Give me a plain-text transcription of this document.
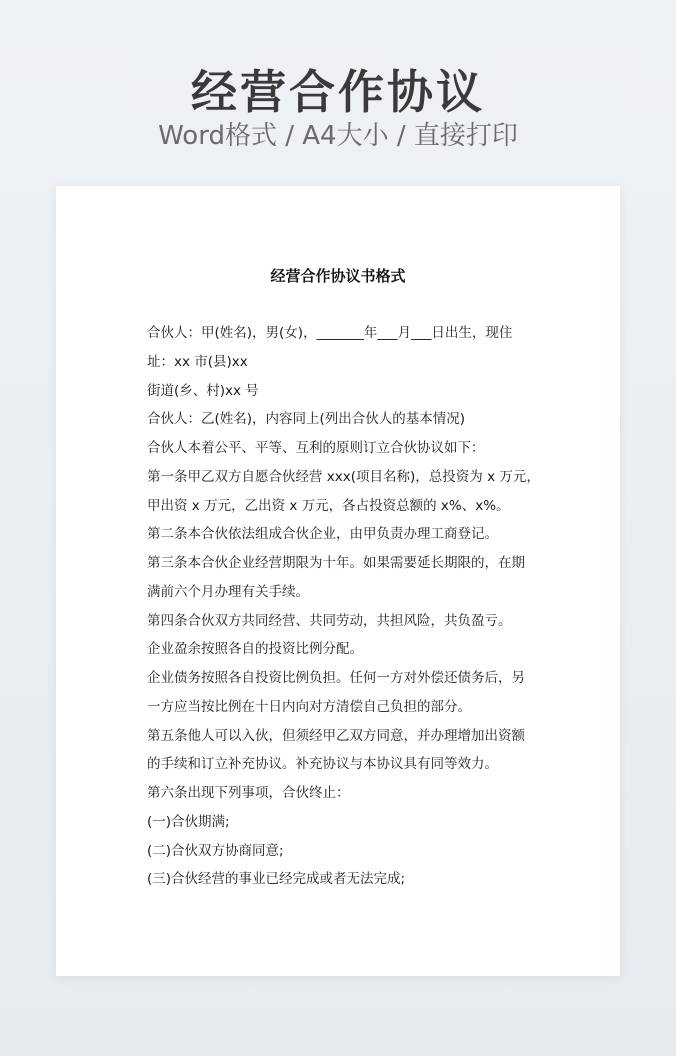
经营合作协议
Word格式 / A4大小 / 直接打印
经营合作协议书格式
合伙人：甲(姓名)，男(女)，_______年___月___日出生，现住
址：xx 市(县)xx
街道(乡、村)xx 号
合伙人：乙(姓名)，内容同上(列出合伙人的基本情况)
合伙人本着公平、平等、互利的原则订立合伙协议如下：
第一条甲乙双方自愿合伙经营 xxx(项目名称)，总投资为 x 万元，
甲出资 x 万元，乙出资 x 万元，各占投资总额的 x%、x%。
第二条本合伙依法组成合伙企业，由甲负责办理工商登记。
第三条本合伙企业经营期限为十年。如果需要延长期限的，在期
满前六个月办理有关手续。
第四条合伙双方共同经营、共同劳动，共担风险，共负盈亏。
企业盈余按照各自的投资比例分配。
企业债务按照各自投资比例负担。任何一方对外偿还债务后，另
一方应当按比例在十日内向对方清偿自己负担的部分。
第五条他人可以入伙，但须经甲乙双方同意，并办理增加出资额
的手续和订立补充协议。补充协议与本协议具有同等效力。
第六条出现下列事项，合伙终止：
(一)合伙期满;
(二)合伙双方协商同意;
(三)合伙经营的事业已经完成或者无法完成;
